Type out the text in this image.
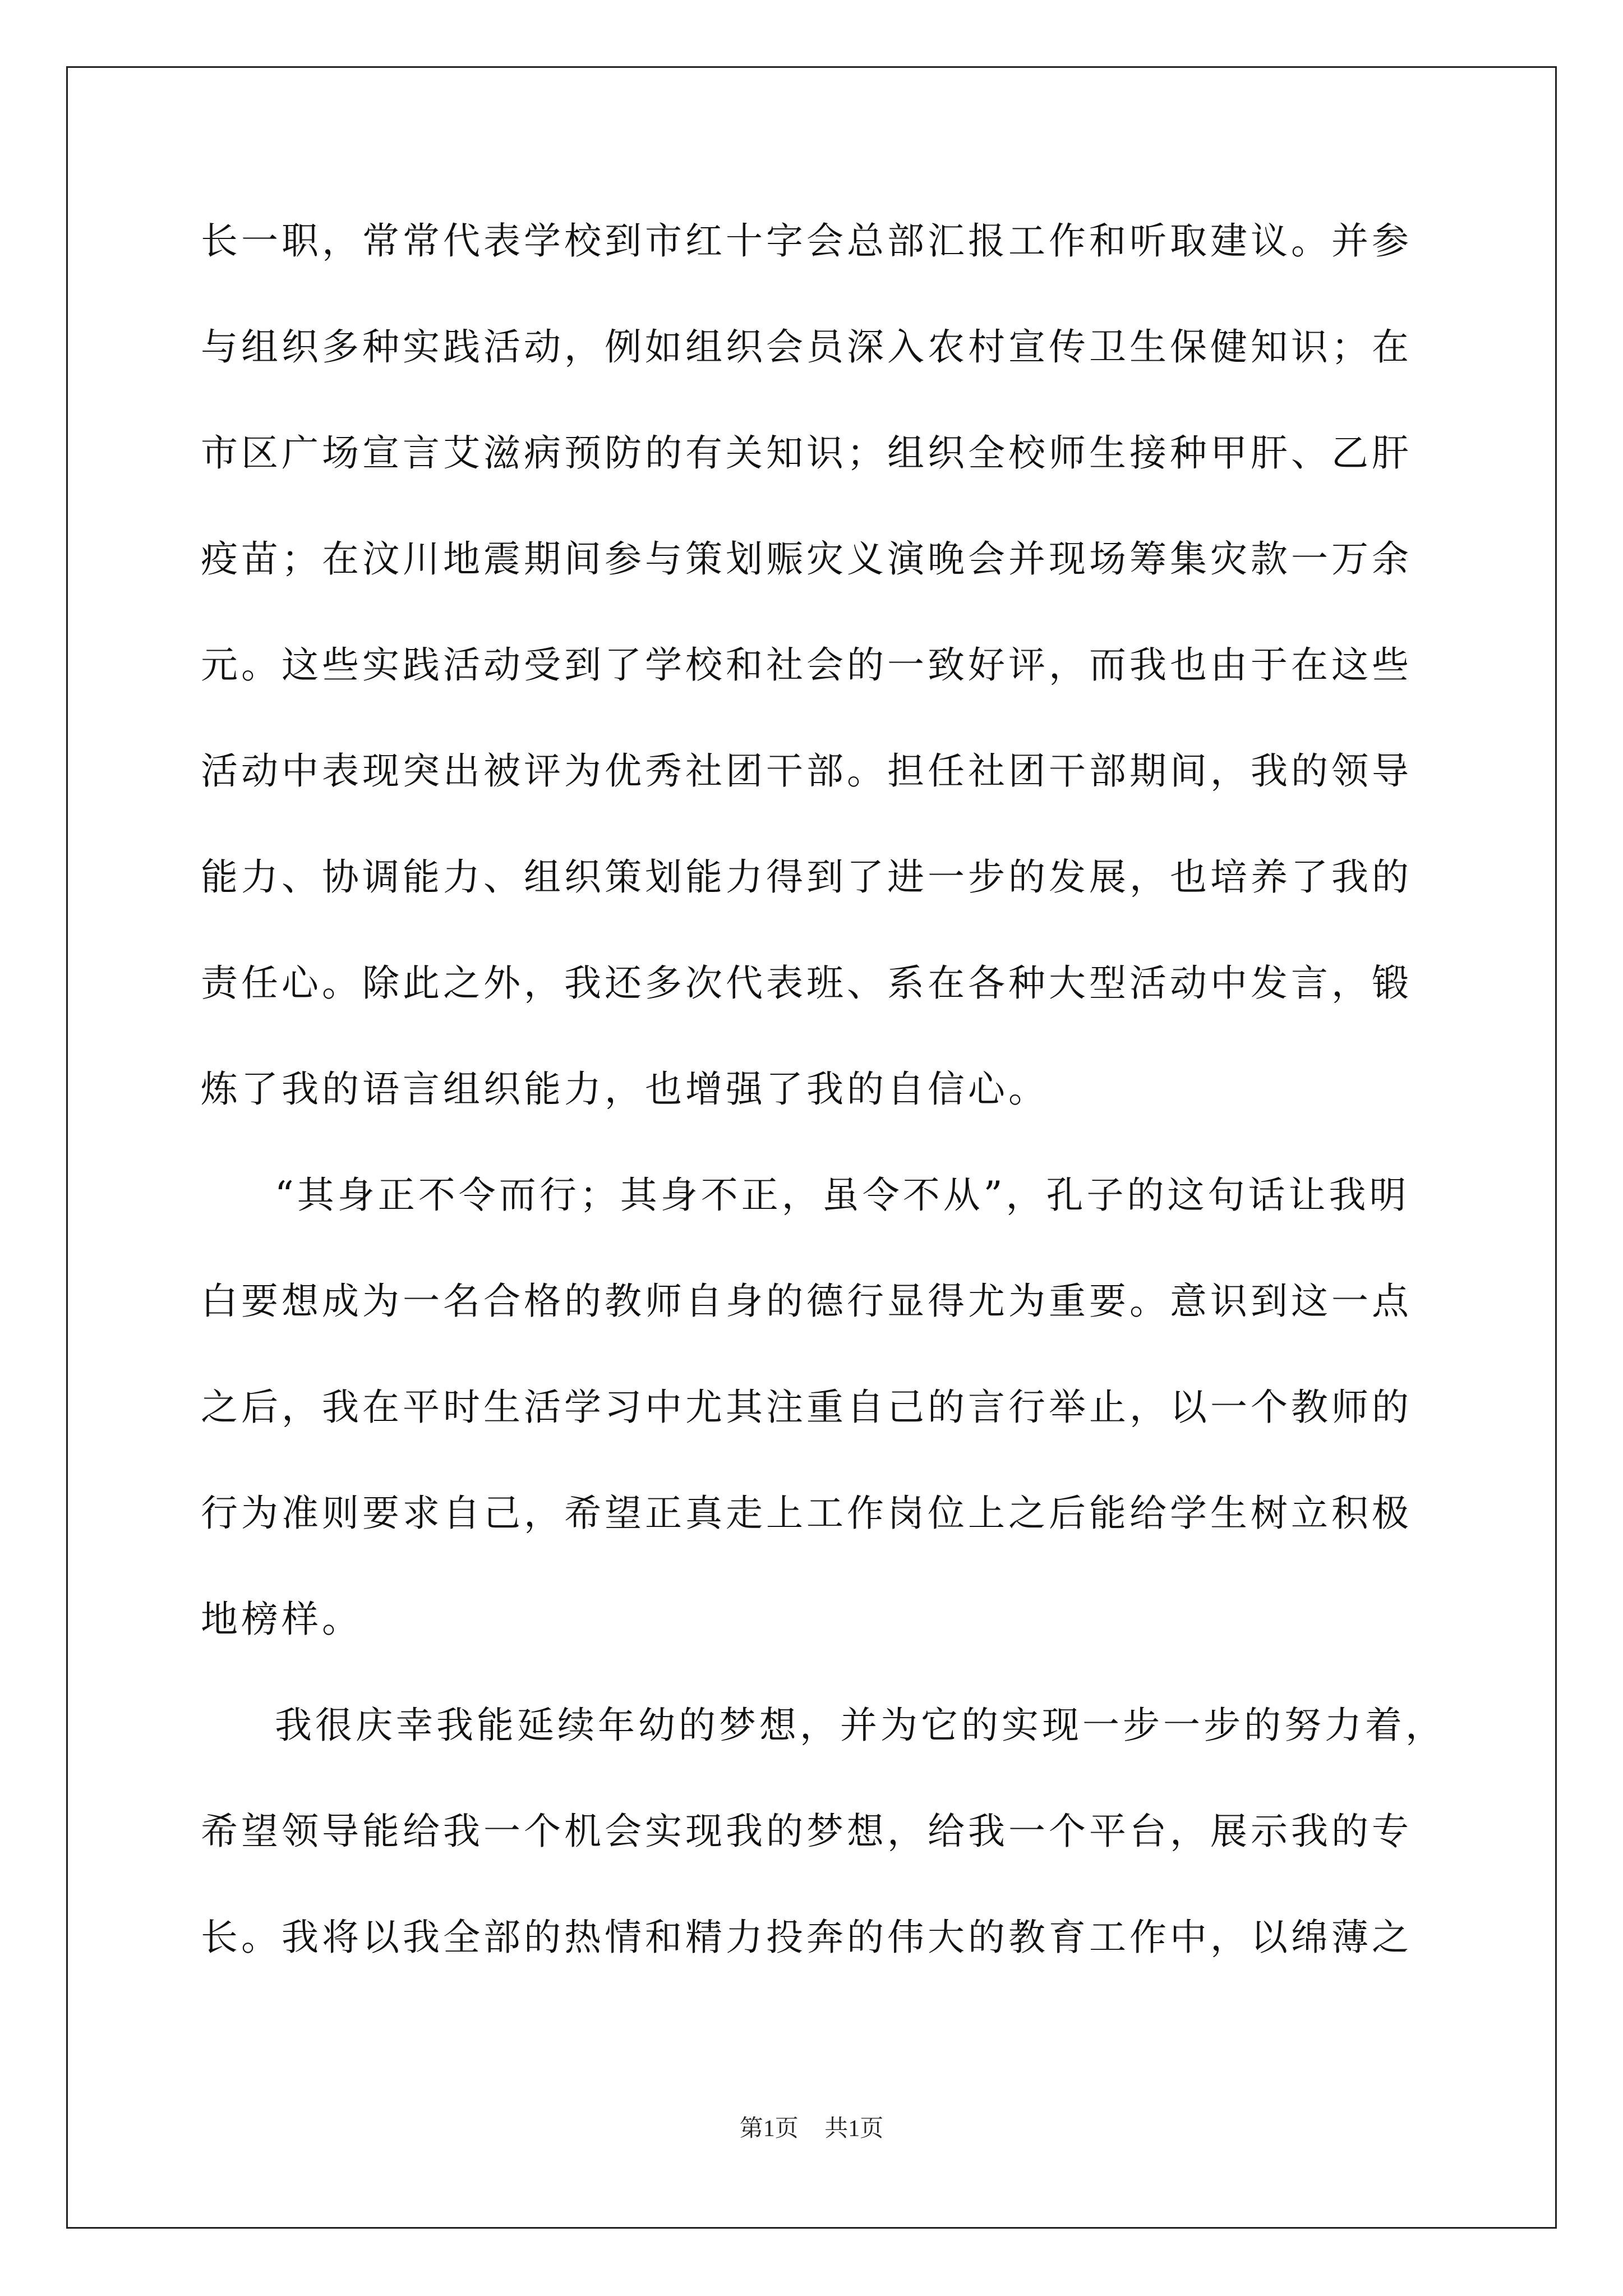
长一职，常常代表学校到市红十字会总部汇报工作和听取建议。并参
与组织多种实践活动，例如组织会员深入农村宣传卫生保健知识；在
市区广场宣言艾滋病预防的有关知识；组织全校师生接种甲肝、乙肝
疫苗；在汶川地震期间参与策划赈灾义演晚会并现场筹集灾款一万余
元。这些实践活动受到了学校和社会的一致好评，而我也由于在这些
活动中表现突出被评为优秀社团干部。担任社团干部期间，我的领导
能力、协调能力、组织策划能力得到了进一步的发展，也培养了我的
责任心。除此之外，我还多次代表班、系在各种大型活动中发言，锻
炼了我的语言组织能力，也增强了我的自信心。
“其身正不令而行；其身不正，虽令不从”，孔子的这句话让我明
白要想成为一名合格的教师自身的德行显得尤为重要。意识到这一点
之后，我在平时生活学习中尤其注重自己的言行举止，以一个教师的
行为准则要求自己，希望正真走上工作岗位上之后能给学生树立积极
地榜样。
我很庆幸我能延续年幼的梦想，并为它的实现一步一步的努力着，
希望领导能给我一个机会实现我的梦想，给我一个平台，展示我的专
长。我将以我全部的热情和精力投奔的伟大的教育工作中，以绵薄之
第1页 共1页
